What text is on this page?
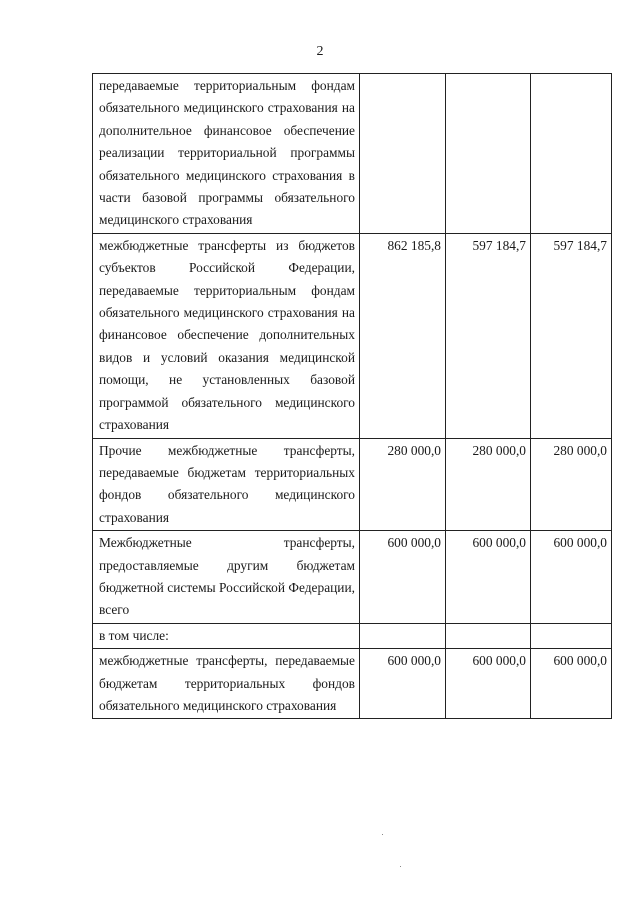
2
передаваемые территориальным фондам обязательного медицинского страхования на дополнительное финансовое обеспечение реализации территориальной программы обязательного медицинского страхования в части базовой программы обязательного медицинского страхования			
межбюджетные трансферты из бюджетов субъектов Российской Федерации, передаваемые территориальным фондам обязательного медицинского страхования на финансовое обеспечение дополнительных видов и условий оказания медицинской помощи, не установленных базовой программой обязательного медицинского страхования	862 185,8	597 184,7	597 184,7
Прочие межбюджетные трансферты, передаваемые бюджетам территориальных фондов обязательного медицинского страхования	280 000,0	280 000,0	280 000,0
Межбюджетные трансферты, предоставляемые другим бюджетам бюджетной системы Российской Федерации, всего	600 000,0	600 000,0	600 000,0
в том числе:			
межбюджетные трансферты, передаваемые бюджетам территориальных фондов обязательного медицинского страхования	600 000,0	600 000,0	600 000,0
